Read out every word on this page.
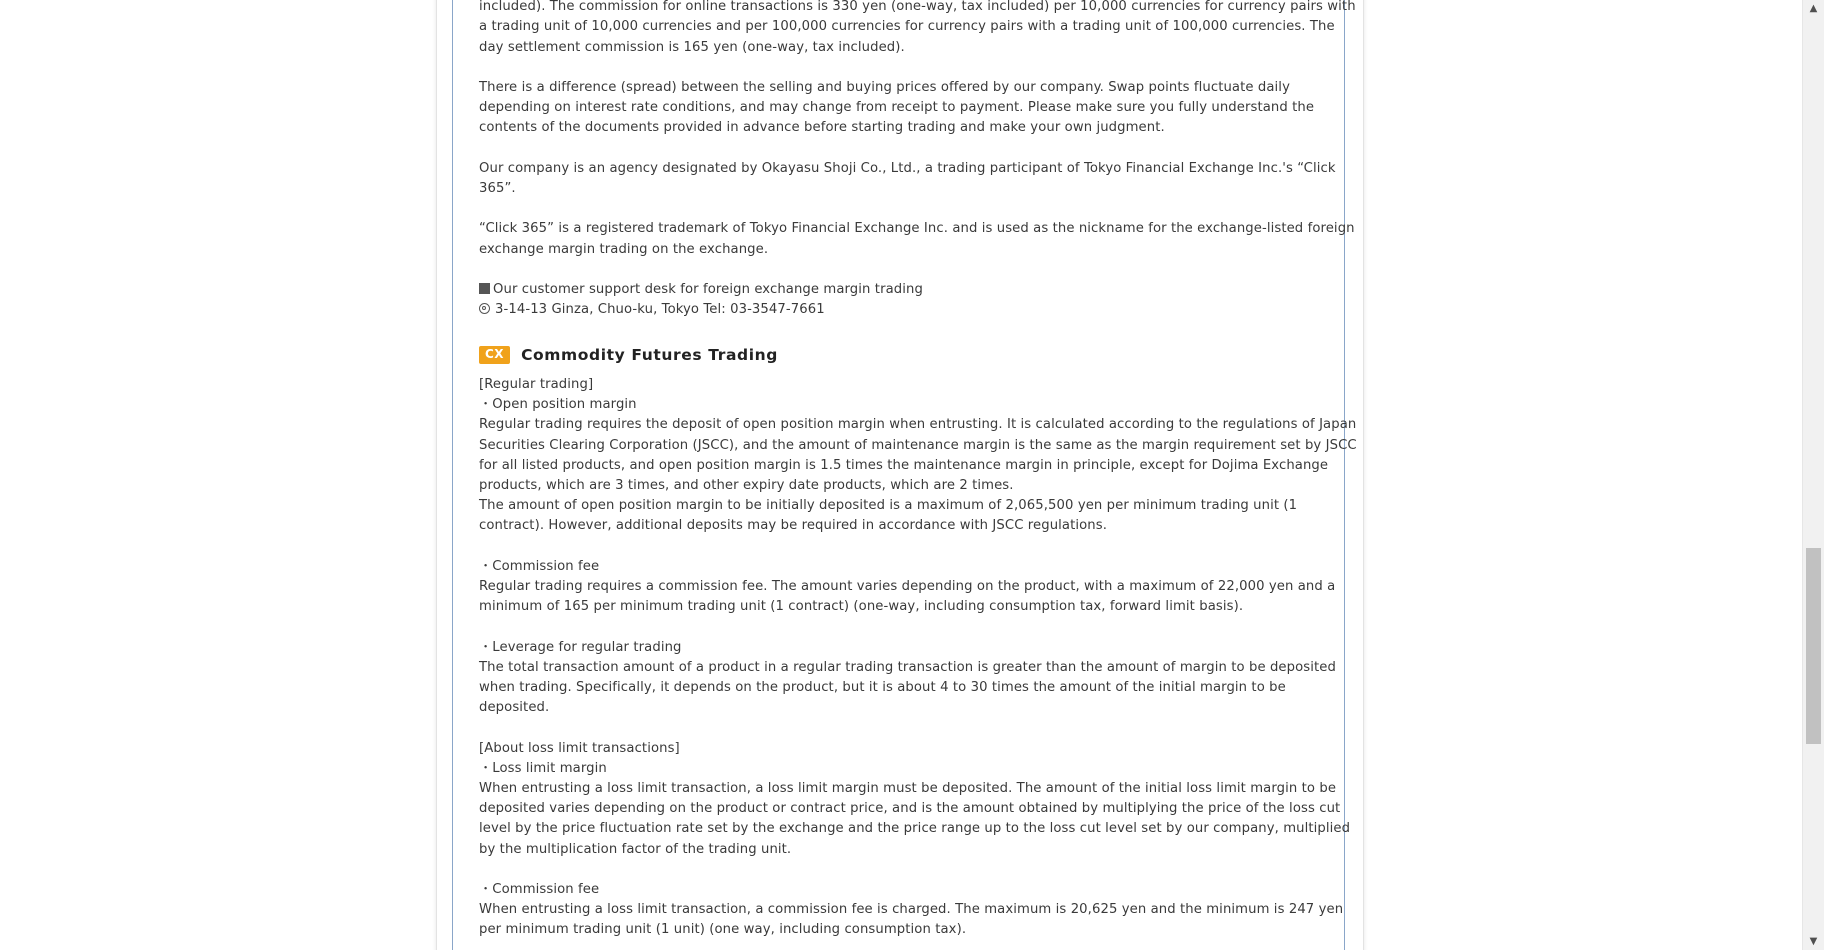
included). The commission for online transactions is 330 yen (one-way, tax included) per 10,000 currencies for currency pairs with a trading unit of 10,000 currencies and per 100,000 currencies for currency pairs with a trading unit of 100,000 currencies. The day settlement commission is 165 yen (one-way, tax included).
There is a difference (spread) between the selling and buying prices offered by our company. Swap points fluctuate daily depending on interest rate conditions, and may change from receipt to payment. Please make sure you fully understand the contents of the documents provided in advance before starting trading and make your own judgment.
Our company is an agency designated by Okayasu Shoji Co., Ltd., a trading participant of Tokyo Financial Exchange Inc.'s “Click 365”.
“Click 365” is a registered trademark of Tokyo Financial Exchange Inc. and is used as the nickname for the exchange-listed foreign exchange margin trading on the exchange.
Our customer support desk for foreign exchange margin trading
3-14-13 Ginza, Chuo-ku, Tokyo Tel: 03-3547-7661
CX	Commodity Futures Trading
[Regular trading]
・Open position margin
Regular trading requires the deposit of open position margin when entrusting. It is calculated according to the regulations of Japan Securities Clearing Corporation (JSCC), and the amount of maintenance margin is the same as the margin requirement set by JSCC for all listed products, and open position margin is 1.5 times the maintenance margin in principle, except for Dojima Exchange products, which are 3 times, and other expiry date products, which are 2 times.
The amount of open position margin to be initially deposited is a maximum of 2,065,500 yen per minimum trading unit (1 contract). However, additional deposits may be required in accordance with JSCC regulations.
・Commission fee
Regular trading requires a commission fee. The amount varies depending on the product, with a maximum of 22,000 yen and a minimum of 165 per minimum trading unit (1 contract) (one-way, including consumption tax, forward limit basis).
・Leverage for regular trading
The total transaction amount of a product in a regular trading transaction is greater than the amount of margin to be deposited when trading. Specifically, it depends on the product, but it is about 4 to 30 times the amount of the initial margin to be deposited.
[About loss limit transactions]
・Loss limit margin
When entrusting a loss limit transaction, a loss limit margin must be deposited. The amount of the initial loss limit margin to be deposited varies depending on the product or contract price, and is the amount obtained by multiplying the price of the loss cut level by the price fluctuation rate set by the exchange and the price range up to the loss cut level set by our company, multiplied by the multiplication factor of the trading unit.
・Commission fee
When entrusting a loss limit transaction, a commission fee is charged. The maximum is 20,625 yen and the minimum is 247 yen per minimum trading unit (1 unit) (one way, including consumption tax).
▲
▼
